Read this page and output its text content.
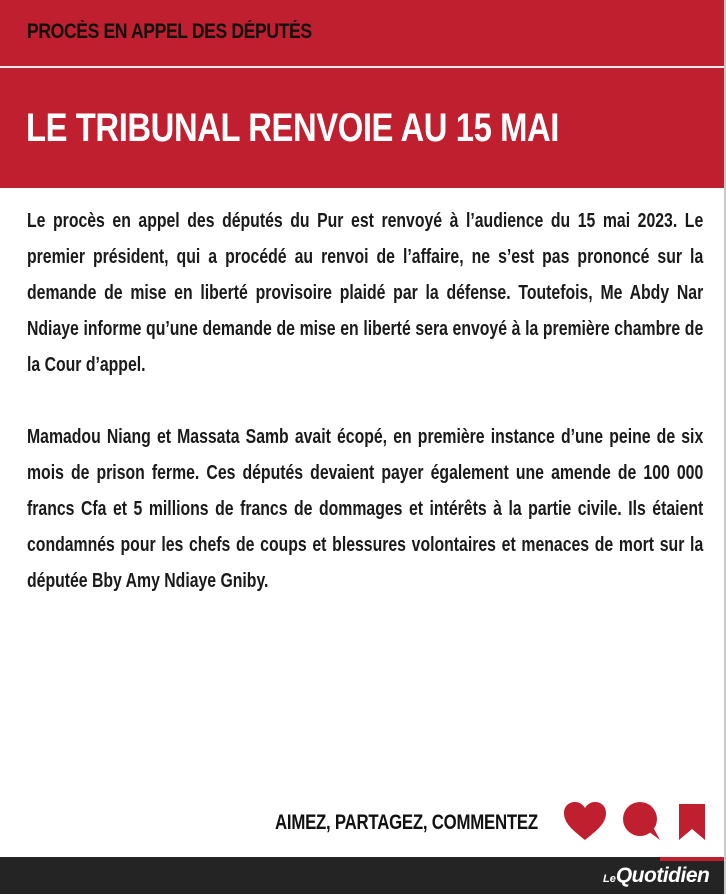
PROCÈS EN APPEL DES DÉPUTÉS
LE TRIBUNAL RENVOIE AU 15 MAI

Le procès en appel des députés du Pur est renvoyé à l’audience du 15 mai 2023. Le premier président, qui a procédé au renvoi de l’affaire, ne s’est pas prononcé sur la demande de mise en liberté provisoire plaidé par la défense. Toutefois, Me Abdy Nar Ndiaye informe qu’une demande de mise en liberté sera envoyé à la première chambre de la Cour d’appel.

Mamadou Niang et Massata Samb avait écopé, en première instance d’une peine de six mois de prison ferme. Ces députés devaient payer également une amende de 100 000 francs Cfa et 5 millions de francs de dommages et intérêts à la partie civile. Ils étaient condamnés pour les chefs de coups et blessures volontaires et menaces de mort sur la députée Bby Amy Ndiaye Gniby.

AIMEZ, PARTAGEZ, COMMENTEZ
LeQuotidien
